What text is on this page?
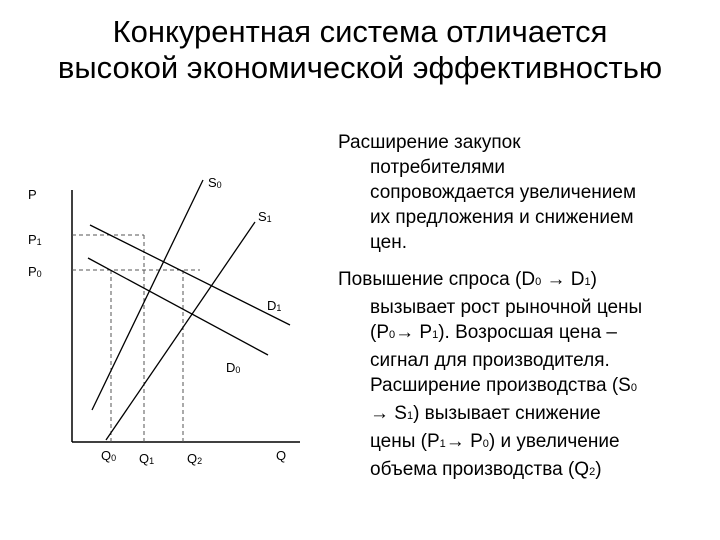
Конкурентная система отличается
высокой экономической эффективностью
P
P1
P0
S0
S1
D1
D0
Q0 Q1	Q2	Q
Расширение закупок
потребителями
сопровождается увеличением
их предложения и снижением
цен.
Повышение спроса (D0 → D1)
вызывает рост рыночной цены
(P0→ P1). Возросшая цена –
сигнал для производителя.
Расширение производства (S0
→ S1) вызывает снижение
цены (P1→ P0) и увеличение
объема производства (Q2)
